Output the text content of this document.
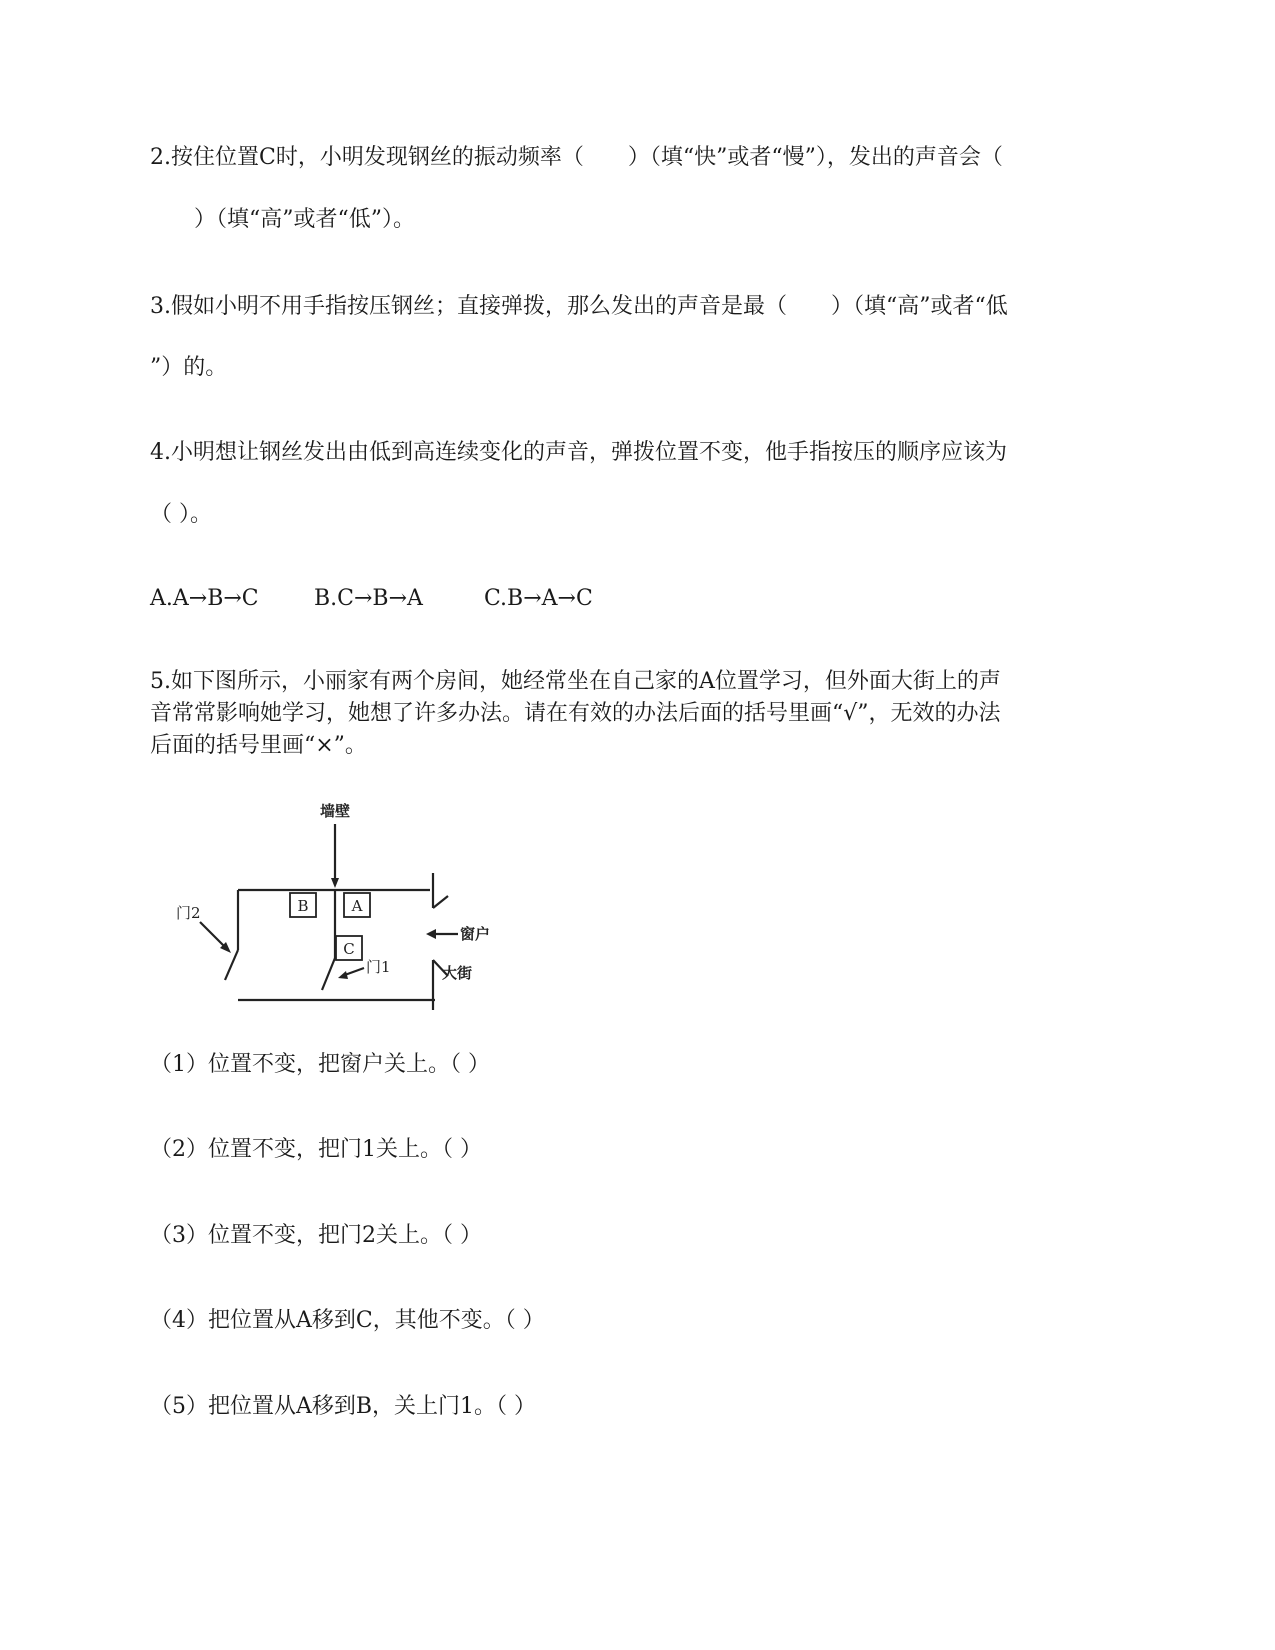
2.按住位置C时，小明发现钢丝的振动频率（　　）（填“快”或者“慢”），发出的声音会（
　　）（填“高”或者“低”）。
3.假如小明不用手指按压钢丝；直接弹拨，那么发出的声音是最（　　）（填“高”或者“低
”）的。
4.小明想让钢丝发出由低到高连续变化的声音，弹拨位置不变，他手指按压的顺序应该为
（ ）。
A.A→B→C	B.C→B→A	C.B→A→C
5.如下图所示，小丽家有两个房间，她经常坐在自己家的A位置学习，但外面大街上的声
音常常影响她学习，她想了许多办法。请在有效的办法后面的括号里画“√”，无效的办法
后面的括号里画“×”。
B	A
C
墙壁
门2
门1
窗户
大街
（1）位置不变，把窗户关上。（ ）
（2）位置不变，把门1关上。（ ）
（3）位置不变，把门2关上。（ ）
（4）把位置从A移到C，其他不变。（ ）
（5）把位置从A移到B，关上门1。（ ）
